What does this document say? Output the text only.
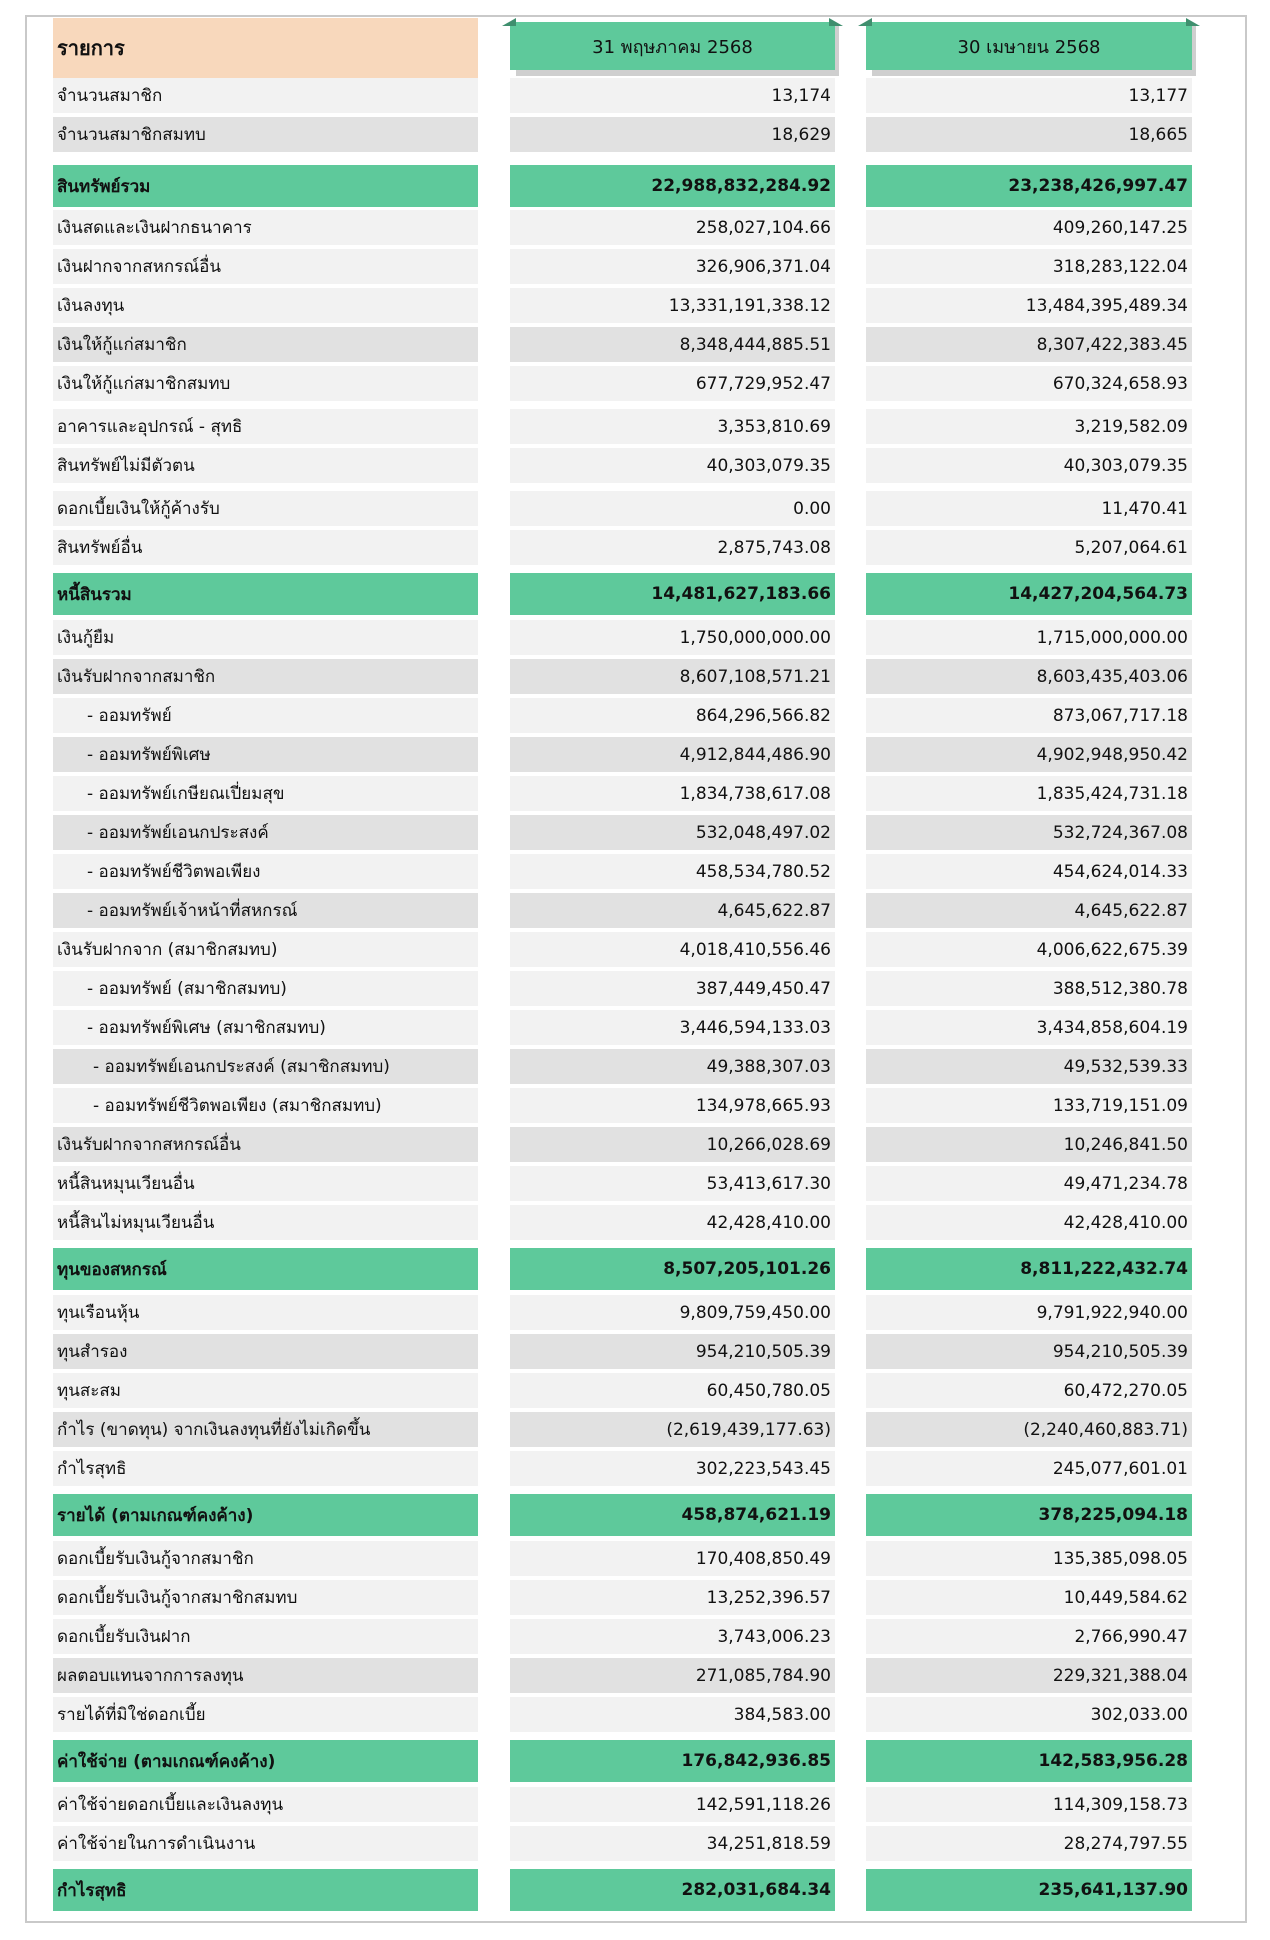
รายการ	31 พฤษภาคม 2568	30 เมษายน 2568
จำนวนสมาชิก	13,174	13,177
จำนวนสมาชิกสมทบ	18,629	18,665
สินทรัพย์รวม	22,988,832,284.92	23,238,426,997.47
เงินสดและเงินฝากธนาคาร	258,027,104.66	409,260,147.25
เงินฝากจากสหกรณ์อื่น	326,906,371.04	318,283,122.04
เงินลงทุน	13,331,191,338.12	13,484,395,489.34
เงินให้กู้แก่สมาชิก	8,348,444,885.51	8,307,422,383.45
เงินให้กู้แก่สมาชิกสมทบ	677,729,952.47	670,324,658.93
อาคารและอุปกรณ์ - สุทธิ	3,353,810.69	3,219,582.09
สินทรัพย์ไม่มีตัวตน	40,303,079.35	40,303,079.35
ดอกเบี้ยเงินให้กู้ค้างรับ	0.00	11,470.41
สินทรัพย์อื่น	2,875,743.08	5,207,064.61
หนี้สินรวม	14,481,627,183.66	14,427,204,564.73
เงินกู้ยืม	1,750,000,000.00	1,715,000,000.00
เงินรับฝากจากสมาชิก	8,607,108,571.21	8,603,435,403.06
- ออมทรัพย์	864,296,566.82	873,067,717.18
- ออมทรัพย์พิเศษ	4,912,844,486.90	4,902,948,950.42
- ออมทรัพย์เกษียณเปี่ยมสุข	1,834,738,617.08	1,835,424,731.18
- ออมทรัพย์เอนกประสงค์	532,048,497.02	532,724,367.08
- ออมทรัพย์ชีวิตพอเพียง	458,534,780.52	454,624,014.33
- ออมทรัพย์เจ้าหน้าที่สหกรณ์	4,645,622.87	4,645,622.87
เงินรับฝากจาก (สมาชิกสมทบ)	4,018,410,556.46	4,006,622,675.39
- ออมทรัพย์ (สมาชิกสมทบ)	387,449,450.47	388,512,380.78
- ออมทรัพย์พิเศษ (สมาชิกสมทบ)	3,446,594,133.03	3,434,858,604.19
- ออมทรัพย์เอนกประสงค์ (สมาชิกสมทบ)	49,388,307.03	49,532,539.33
- ออมทรัพย์ชีวิตพอเพียง (สมาชิกสมทบ)	134,978,665.93	133,719,151.09
เงินรับฝากจากสหกรณ์อื่น	10,266,028.69	10,246,841.50
หนี้สินหมุนเวียนอื่น	53,413,617.30	49,471,234.78
หนี้สินไม่หมุนเวียนอื่น	42,428,410.00	42,428,410.00
ทุนของสหกรณ์	8,507,205,101.26	8,811,222,432.74
ทุนเรือนหุ้น	9,809,759,450.00	9,791,922,940.00
ทุนสำรอง	954,210,505.39	954,210,505.39
ทุนสะสม	60,450,780.05	60,472,270.05
กำไร (ขาดทุน) จากเงินลงทุนที่ยังไม่เกิดขึ้น	(2,619,439,177.63)	(2,240,460,883.71)
กำไรสุทธิ	302,223,543.45	245,077,601.01
รายได้ (ตามเกณฑ์คงค้าง)	458,874,621.19	378,225,094.18
ดอกเบี้ยรับเงินกู้จากสมาชิก	170,408,850.49	135,385,098.05
ดอกเบี้ยรับเงินกู้จากสมาชิกสมทบ	13,252,396.57	10,449,584.62
ดอกเบี้ยรับเงินฝาก	3,743,006.23	2,766,990.47
ผลตอบแทนจากการลงทุน	271,085,784.90	229,321,388.04
รายได้ที่มิใช่ดอกเบี้ย	384,583.00	302,033.00
ค่าใช้จ่าย (ตามเกณฑ์คงค้าง)	176,842,936.85	142,583,956.28
ค่าใช้จ่ายดอกเบี้ยและเงินลงทุน	142,591,118.26	114,309,158.73
ค่าใช้จ่ายในการดำเนินงาน	34,251,818.59	28,274,797.55
กำไรสุทธิ	282,031,684.34	235,641,137.90
